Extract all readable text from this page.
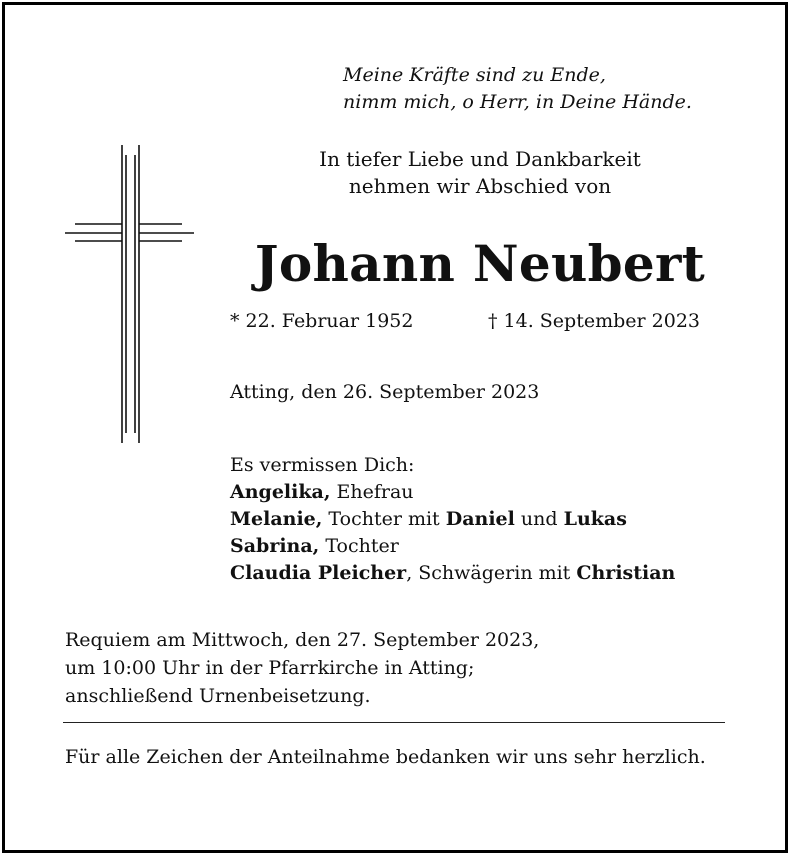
Meine Kräfte sind zu Ende,
nimm mich, o Herr, in Deine Hände.
In tiefer Liebe und Dankbarkeit
nehmen wir Abschied von
Johann Neubert
* 22. Februar 1952	† 14. September 2023
Atting, den 26. September 2023
Es vermissen Dich:
Angelika, Ehefrau
Melanie, Tochter mit Daniel und Lukas
Sabrina, Tochter
Claudia Pleicher, Schwägerin mit Christian
Requiem am Mittwoch, den 27. September 2023,
um 10:00 Uhr in der Pfarrkirche in Atting;
anschließend Urnenbeisetzung.
Für alle Zeichen der Anteilnahme bedanken wir uns sehr herzlich.
